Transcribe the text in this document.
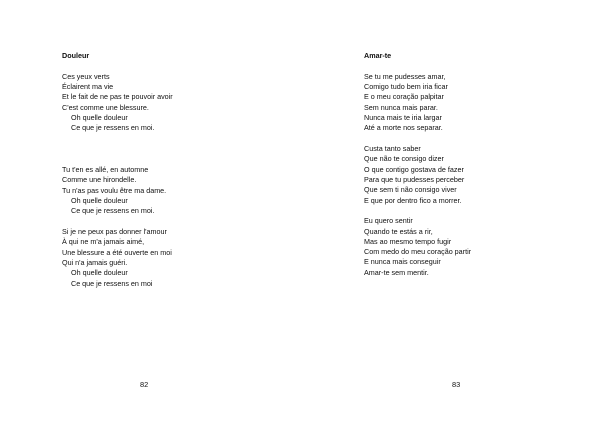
Douleur
Ces yeux verts
Éclairent ma vie
Et le fait de ne pas te pouvoir avoir
C'est comme une blessure.
Oh quelle douleur
Ce que je ressens en moi.
Tu t'en es allé, en automne
Comme une hirondelle.
Tu n'as pas voulu être ma dame.
Oh quelle douleur
Ce que je ressens en moi.
Si je ne peux pas donner l'amour
À qui ne m'a jamais aimé,
Une blessure a été ouverte en moi
Qui n'a jamais guéri.
Oh quelle douleur
Ce que je ressens en moi
82
Amar-te
Se tu me pudesses amar,
Comigo tudo bem iria ficar
E o meu coração palpitar
Sem nunca mais parar.
Nunca mais te iria largar
Até a morte nos separar.
Custa tanto saber
Que não te consigo dizer
O que contigo gostava de fazer
Para que tu pudesses perceber
Que sem ti não consigo viver
E que por dentro fico a morrer.
Eu quero sentir
Quando te estás a rir,
Mas ao mesmo tempo fugir
Com medo do meu coração partir
E nunca mais conseguir
Amar-te sem mentir.
83
